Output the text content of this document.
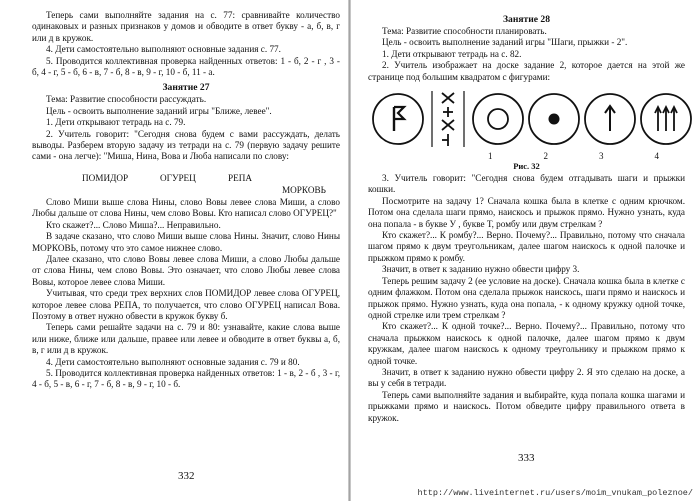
Теперь сами выполняйте задания на с. 77: сравнивайте количество одинаковых и разных признаков у домов и обводите в ответ букву - а, б, в, г или д в кружок.

4. Дети самостоятельно выполняют основные задания с. 77.

5. Проводится коллективная проверка найденных ответов: 1 - б, 2 - г , 3 - б, 4 - г, 5 - б, 6 - в, 7 - б, 8 - в, 9 - г, 10 - б, 11 - а.

Занятие 27

Тема: Развитие способности рассуждать.

Цель - освоить выполнение заданий игры "Ближе, левее".

1. Дети открывают тетрадь на с. 79.

2. Учитель говорит: "Сегодня снова будем с вами рассуждать, делать выводы. Разберем вторую задачу из тетради на с. 79 (первую задачу решите сами - она легче): "Миша, Нина, Вова и Люба написали по слову:

ПОМИДОР	ОГУРЕЦ	РЕПА
МОРКОВЬ

Слово Миши выше слова Нины, слово Вовы левее слова Миши, а слово Любы дальше от слова Нины, чем слово Вовы. Кто написал слово ОГУРЕЦ?"

Кто скажет?... Слово Миша?... Неправильно.

В задаче сказано, что слово Миши выше слова Нины. Значит, слово Нины МОРКОВЬ, потому что это самое нижнее слово.

Далее сказано, что слово Вовы левее слова Миши, а слово Любы дальше от слова Нины, чем слово Вовы. Это означает, что слово Любы левее слова Вовы, которое левее слова Миши.

Учитывая, что среди трех верхних слов ПОМИДОР левее слова ОГУРЕЦ, которое левее слова РЕПА, то получается, что слово ОГУРЕЦ написал Вова. Поэтому в ответ нужно обвести в кружок букву б.

Теперь сами решайте задачи на с. 79 и 80: узнавайте, какие слова выше или ниже, ближе или дальше, правее или левее и обводите в ответ буквы а, б, в, г или д в кружок.

4. Дети самостоятельно выполняют основные задания с. 79 и 80.

5. Проводится коллективная проверка найденных ответов: 1 - в, 2 - б , 3 - г, 4 - б, 5 - в, 6 - г, 7 - б, 8 - в, 9 - г, 10 - б.

332
Занятие 28

Тема: Развитие способности планировать.

Цель - освоить выполнение заданий игры "Шаги, прыжки - 2".

1. Дети открывают тетрадь на с. 82.

2. Учитель изображает на доске задание 2, которое дается на этой же странице под большим квадратом с фигурами:

1	2	3	4
Рис. 32

3. Учитель говорит: "Сегодня снова будем отгадывать шаги и прыжки кошки.

Посмотрите на задачу 1? Сначала кошка была в клетке с одним крючком. Потом она сделала шаги прямо, наискось и прыжок прямо. Нужно узнать, куда она попала - в букве У , букве Т, ромбу или двум стрелкам ?

Кто скажет?... К ромбу?... Верно. Почему?... Правильно, потому что сначала шагом прямо к двум треугольникам, далее шагом наискось к одной палочке и прыжком прямо к ромбу.

Значит, в ответ к заданию нужно обвести цифру 3.

Теперь решим задачу 2 (ее условие на доске). Сначала кошка была в клетке с одним флажком. Потом она сделала прыжок наискось, шаги прямо и наискось и прыжок прямо. Нужно узнать, куда она попала, - к одному кружку одной точке, одной стрелке или трем стрелкам ?

Кто скажет?... К одной точке?... Верно. Почему?... Правильно, потому что сначала прыжком наискось к одной палочке, далее шагом прямо к двум кружкам, далее шагом наискось к одному треугольнику и прыжком прямо к одной точке.

Значит, в ответ к заданию нужно обвести цифру 2. Я это сделаю на доске, а вы у себя в тетради.

Теперь сами выполняйте задания и выбирайте, куда попала кошка шагами и прыжками прямо и наискось. Потом обведите цифру правильного ответа в кружок.

333
http://www.liveinternet.ru/users/moim_vnukam_poleznoe/
